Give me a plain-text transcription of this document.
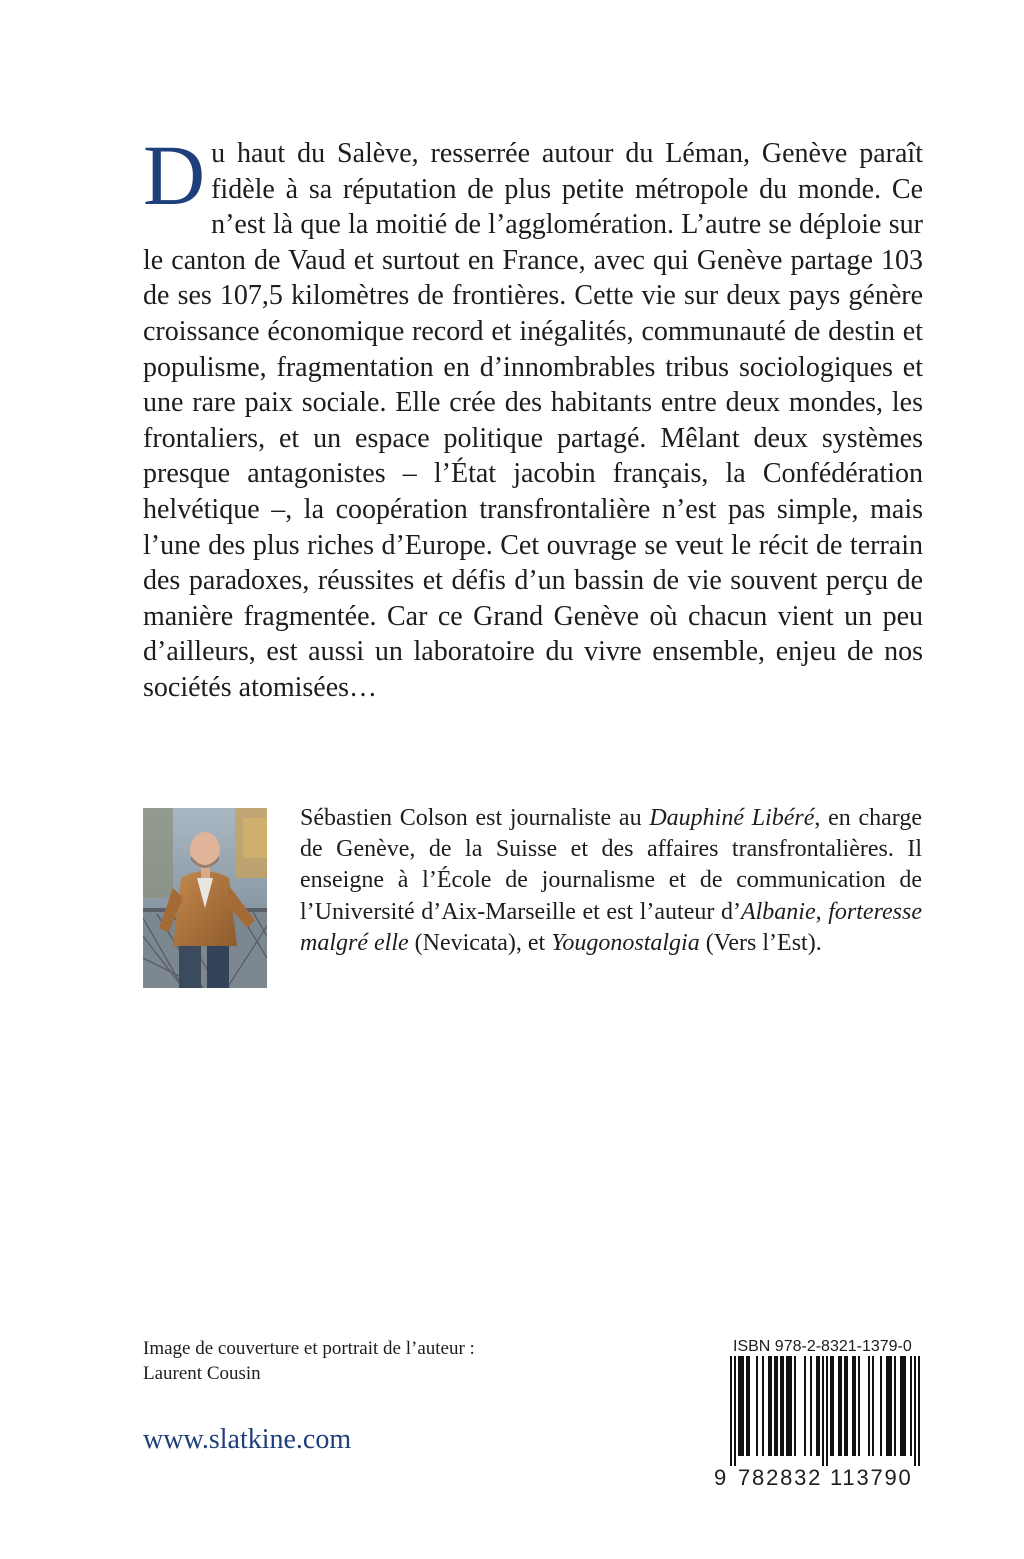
Du haut du Salève, resserrée autour du Léman, Genève paraît fidèle à sa réputation de plus petite métropole du monde. Ce n’est là que la moitié de l’agglomération. L’autre se déploie sur le canton de Vaud et surtout en France, avec qui Genève partage 103 de ses 107,5 kilomètres de frontières. Cette vie sur deux pays génère croissance économique record et inégalités, communauté de destin et populisme, fragmentation en d’innombrables tribus sociologiques et une rare paix sociale. Elle crée des habitants entre deux mondes, les frontaliers, et un espace politique partagé. Mêlant deux systèmes presque antagonistes – l’État jacobin français, la Confédération helvétique –, la coopération transfrontalière n’est pas simple, mais l’une des plus riches d’Europe. Cet ouvrage se veut le récit de terrain des paradoxes, réussites et défis d’un bassin de vie souvent perçu de manière fragmentée. Car ce Grand Genève où chacun vient un peu d’ailleurs, est aussi un laboratoire du vivre ensemble, enjeu de nos sociétés atomisées…
Sébastien Colson est journaliste au Dauphiné Libéré, en charge de Genève, de la Suisse et des affaires transfrontalières. Il enseigne à l’École de journalisme et de communication de l’Université d’Aix-Marseille et est l’auteur d’Albanie, forteresse malgré elle (Nevicata), et Yougonostalgia (Vers l’Est).
Image de couverture et portrait de l’auteur :
Laurent Cousin
www.slatkine.com
ISBN 978-2-8321-1379-0
9 782832 113790
